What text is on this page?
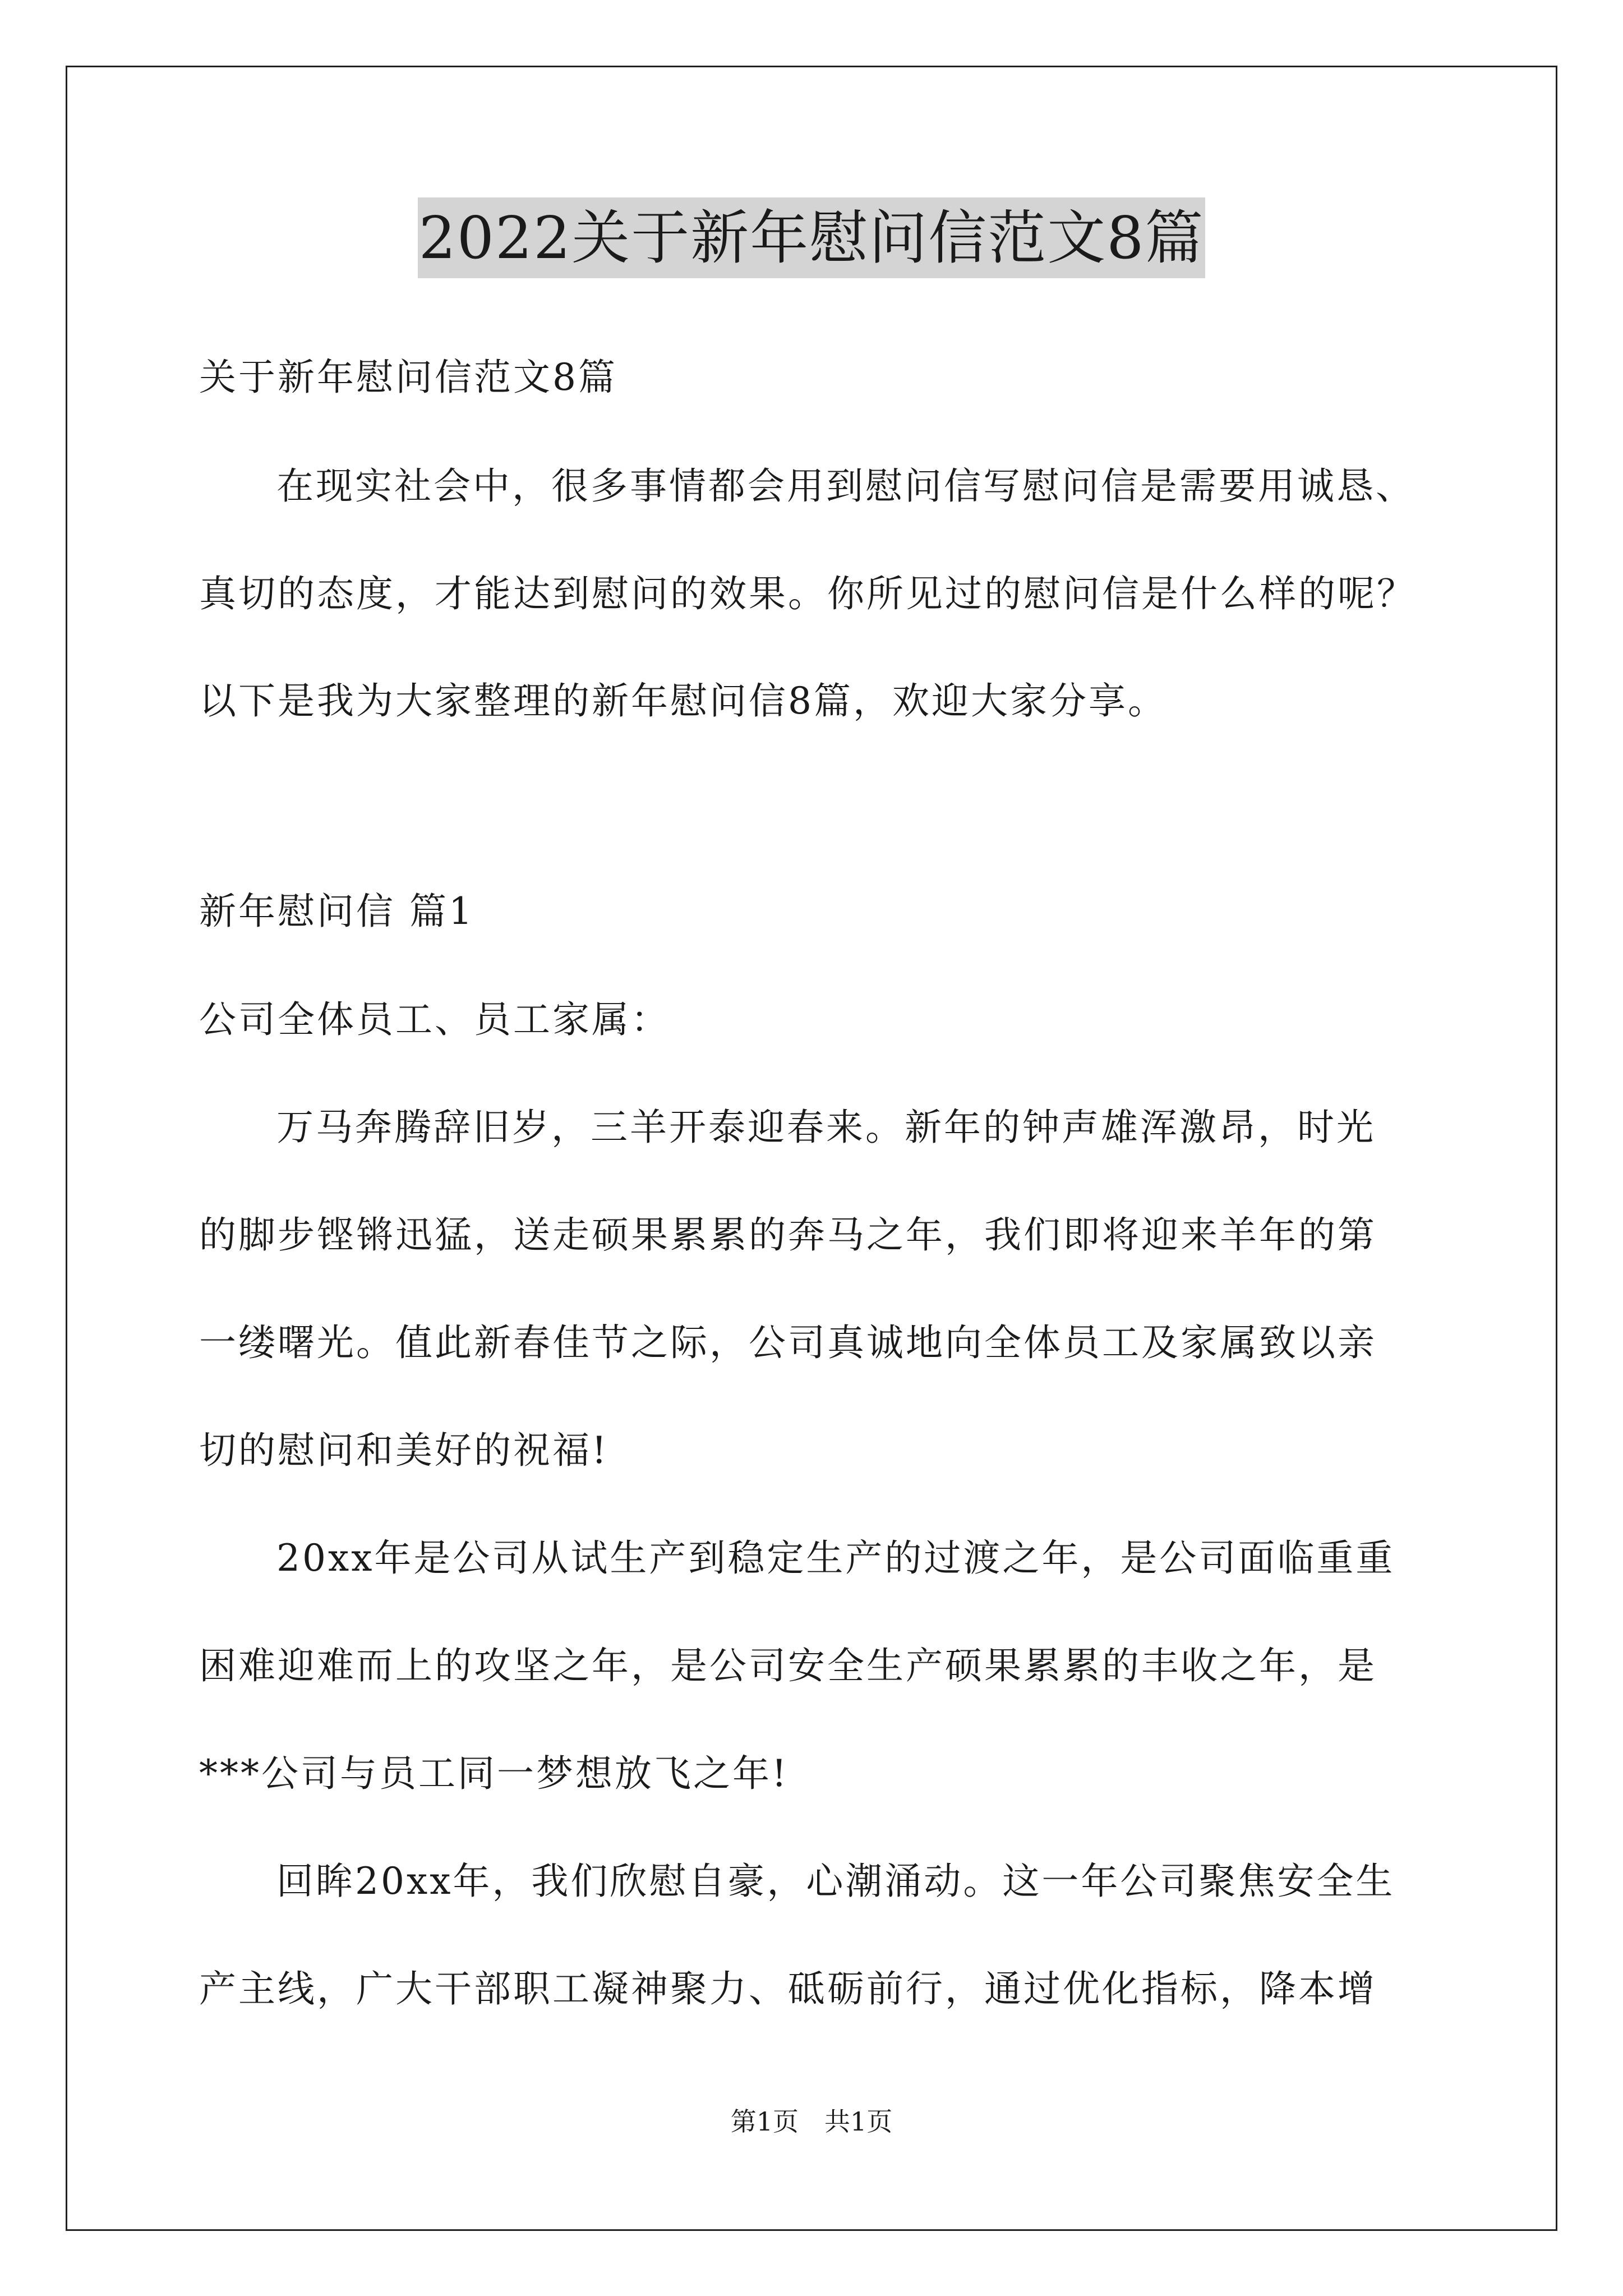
2022关于新年慰问信范文8篇
关于新年慰问信范文8篇
在现实社会中，很多事情都会用到慰问信写慰问信是需要用诚恳、
真切的态度，才能达到慰问的效果。你所见过的慰问信是什么样的呢？
以下是我为大家整理的新年慰问信8篇，欢迎大家分享。
新年慰问信 篇1
公司全体员工、员工家属：
万马奔腾辞旧岁，三羊开泰迎春来。新年的钟声雄浑激昂，时光
的脚步铿锵迅猛，送走硕果累累的奔马之年，我们即将迎来羊年的第
一缕曙光。值此新春佳节之际，公司真诚地向全体员工及家属致以亲
切的慰问和美好的祝福!
20xx年是公司从试生产到稳定生产的过渡之年，是公司面临重重
困难迎难而上的攻坚之年，是公司安全生产硕果累累的丰收之年，是
***公司与员工同一梦想放飞之年!
回眸20xx年，我们欣慰自豪，心潮涌动。这一年公司聚焦安全生
产主线，广大干部职工凝神聚力、砥砺前行，通过优化指标，降本增
第1页　共1页
